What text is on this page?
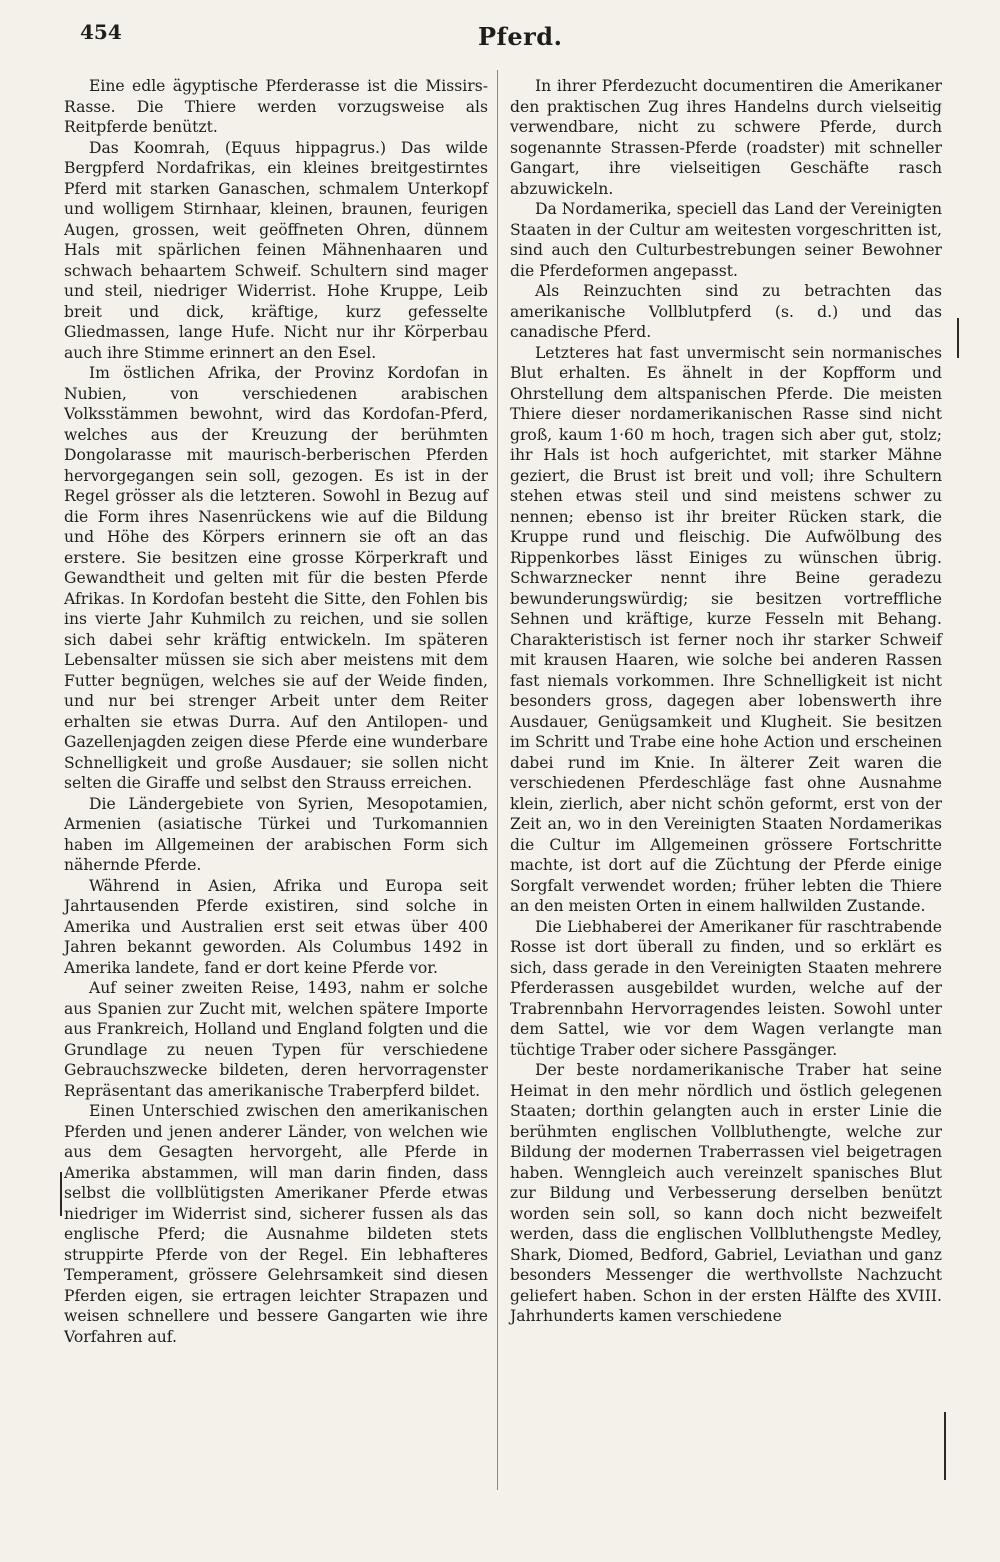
454	Pferd.

Eine edle ägyptische Pferderasse ist die Missirs-Rasse. Die Thiere werden vorzugsweise als Reitpferde benützt.

Das Koomrah, (Equus hippagrus.) Das wilde Bergpferd Nordafrikas, ein kleines breitgestirntes Pferd mit starken Ganaschen, schmalem Unterkopf und wolligem Stirnhaar, kleinen, braunen, feurigen Augen, grossen, weit geöffneten Ohren, dünnem Hals mit spärlichen feinen Mähnenhaaren und schwach behaartem Schweif. Schultern sind mager und steil, niedriger Widerrist. Hohe Kruppe, Leib breit und dick, kräftige, kurz gefesselte Gliedmassen, lange Hufe. Nicht nur ihr Körperbau auch ihre Stimme erinnert an den Esel.

Im östlichen Afrika, der Provinz Kordofan in Nubien, von verschiedenen arabischen Volksstämmen bewohnt, wird das Kordofan-Pferd, welches aus der Kreuzung der berühmten Dongolarasse mit maurisch-berberischen Pferden hervorgegangen sein soll, gezogen. Es ist in der Regel grösser als die letzteren. Sowohl in Bezug auf die Form ihres Nasenrückens wie auf die Bildung und Höhe des Körpers erinnern sie oft an das erstere. Sie besitzen eine grosse Körperkraft und Gewandtheit und gelten mit für die besten Pferde Afrikas. In Kordofan besteht die Sitte, den Fohlen bis ins vierte Jahr Kuhmilch zu reichen, und sie sollen sich dabei sehr kräftig entwickeln. Im späteren Lebensalter müssen sie sich aber meistens mit dem Futter begnügen, welches sie auf der Weide finden, und nur bei strenger Arbeit unter dem Reiter erhalten sie etwas Durra. Auf den Antilopen- und Gazellenjagden zeigen diese Pferde eine wunderbare Schnelligkeit und große Ausdauer; sie sollen nicht selten die Giraffe und selbst den Strauss erreichen.

Die Ländergebiete von Syrien, Mesopotamien, Armenien (asiatische Türkei und Turkomannien haben im Allgemeinen der arabischen Form sich nähernde Pferde.

Während in Asien, Afrika und Europa seit Jahrtausenden Pferde existiren, sind solche in Amerika und Australien erst seit etwas über 400 Jahren bekannt geworden. Als Columbus 1492 in Amerika landete, fand er dort keine Pferde vor.

Auf seiner zweiten Reise, 1493, nahm er solche aus Spanien zur Zucht mit, welchen spätere Importe aus Frankreich, Holland und England folgten und die Grundlage zu neuen Typen für verschiedene Gebrauchszwecke bildeten, deren hervorragenster Repräsentant das amerikanische Traberpferd bildet.

Einen Unterschied zwischen den amerikanischen Pferden und jenen anderer Länder, von welchen wie aus dem Gesagten hervorgeht, alle Pferde in Amerika abstammen, will man darin finden, dass selbst die vollblütigsten Amerikaner Pferde etwas niedriger im Widerrist sind, sicherer fussen als das englische Pferd; die Ausnahme bildeten stets struppirte Pferde von der Regel. Ein lebhafteres Temperament, grössere Gelehrsamkeit sind diesen Pferden eigen, sie ertragen leichter Strapazen und weisen schnellere und bessere Gangarten wie ihre Vorfahren auf.

In ihrer Pferdezucht documentiren die Amerikaner den praktischen Zug ihres Handelns durch vielseitig verwendbare, nicht zu schwere Pferde, durch sogenannte Strassen-Pferde (roadster) mit schneller Gangart, ihre vielseitigen Geschäfte rasch abzuwickeln.

Da Nordamerika, speciell das Land der Vereinigten Staaten in der Cultur am weitesten vorgeschritten ist, sind auch den Culturbestrebungen seiner Bewohner die Pferdeformen angepasst.

Als Reinzuchten sind zu betrachten das amerikanische Vollblutpferd (s. d.) und das canadische Pferd.

Letzteres hat fast unvermischt sein normanisches Blut erhalten. Es ähnelt in der Kopfform und Ohrstellung dem altspanischen Pferde. Die meisten Thiere dieser nordamerikanischen Rasse sind nicht groß, kaum 1·60 m hoch, tragen sich aber gut, stolz; ihr Hals ist hoch aufgerichtet, mit starker Mähne geziert, die Brust ist breit und voll; ihre Schultern stehen etwas steil und sind meistens schwer zu nennen; ebenso ist ihr breiter Rücken stark, die Kruppe rund und fleischig. Die Aufwölbung des Rippenkorbes lässt Einiges zu wünschen übrig. Schwarznecker nennt ihre Beine geradezu bewunderungswürdig; sie besitzen vortreffliche Sehnen und kräftige, kurze Fesseln mit Behang. Charakteristisch ist ferner noch ihr starker Schweif mit krausen Haaren, wie solche bei anderen Rassen fast niemals vorkommen. Ihre Schnelligkeit ist nicht besonders gross, dagegen aber lobenswerth ihre Ausdauer, Genügsamkeit und Klugheit. Sie besitzen im Schritt und Trabe eine hohe Action und erscheinen dabei rund im Knie. In älterer Zeit waren die verschiedenen Pferdeschläge fast ohne Ausnahme klein, zierlich, aber nicht schön geformt, erst von der Zeit an, wo in den Vereinigten Staaten Nordamerikas die Cultur im Allgemeinen grössere Fortschritte machte, ist dort auf die Züchtung der Pferde einige Sorgfalt verwendet worden; früher lebten die Thiere an den meisten Orten in einem hallwilden Zustande.

Die Liebhaberei der Amerikaner für raschtrabende Rosse ist dort überall zu finden, und so erklärt es sich, dass gerade in den Vereinigten Staaten mehrere Pferderassen ausgebildet wurden, welche auf der Trabrennbahn Hervorragendes leisten. Sowohl unter dem Sattel, wie vor dem Wagen verlangte man tüchtige Traber oder sichere Passgänger.

Der beste nordamerikanische Traber hat seine Heimat in den mehr nördlich und östlich gelegenen Staaten; dorthin gelangten auch in erster Linie die berühmten englischen Vollbluthengte, welche zur Bildung der modernen Traberrassen viel beigetragen haben. Wenngleich auch vereinzelt spanisches Blut zur Bildung und Verbesserung derselben benützt worden sein soll, so kann doch nicht bezweifelt werden, dass die englischen Vollbluthengste Medley, Shark, Diomed, Bedford, Gabriel, Leviathan und ganz besonders Messenger die werthvollste Nachzucht geliefert haben. Schon in der ersten Hälfte des XVIII. Jahrhunderts kamen verschiedene
